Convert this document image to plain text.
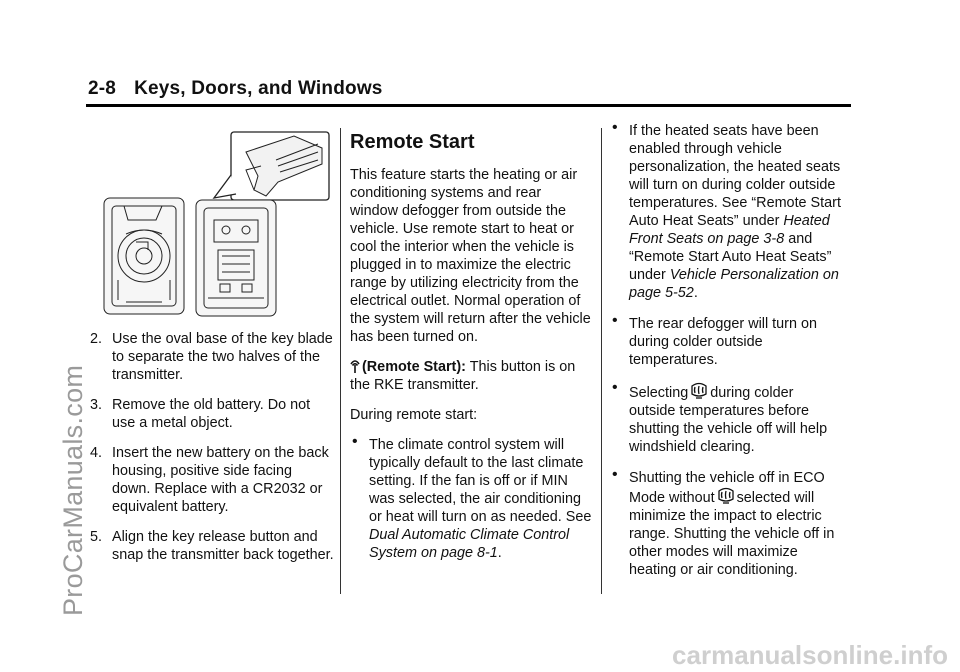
2-8 Keys, Doors, and Windows
ProCarManuals.com
carmanualsonline.info
2. Use the oval base of the key blade to separate the two halves of the transmitter.
3. Remove the old battery. Do not use a metal object.
4. Insert the new battery on the back housing, positive side facing down. Replace with a CR2032 or equivalent battery.
5. Align the key release button and snap the transmitter back together.
Remote Start

This feature starts the heating or air conditioning systems and rear window defogger from outside the vehicle. Use remote start to heat or cool the interior when the vehicle is plugged in to maximize the electric range by utilizing electricity from the electrical outlet. Normal operation of the system will return after the vehicle has been turned on.

(Remote Start): This button is on the RKE transmitter.

During remote start:

• The climate control system will typically default to the last climate setting. If the fan is off or if MIN was selected, the air conditioning or heat will turn on as needed. See Dual Automatic Climate Control System on page 8-1.
• If the heated seats have been enabled through vehicle personalization, the heated seats will turn on during colder outside temperatures. See “Remote Start Auto Heat Seats” under Heated Front Seats on page 3-8 and “Remote Start Auto Heat Seats” under Vehicle Personalization on page 5-52.
• The rear defogger will turn on during colder outside temperatures.
• Selecting during colder outside temperatures before shutting the vehicle off will help windshield clearing.
• Shutting the vehicle off in ECO Mode without selected will minimize the impact to electric range. Shutting the vehicle off in other modes will maximize heating or air conditioning.
